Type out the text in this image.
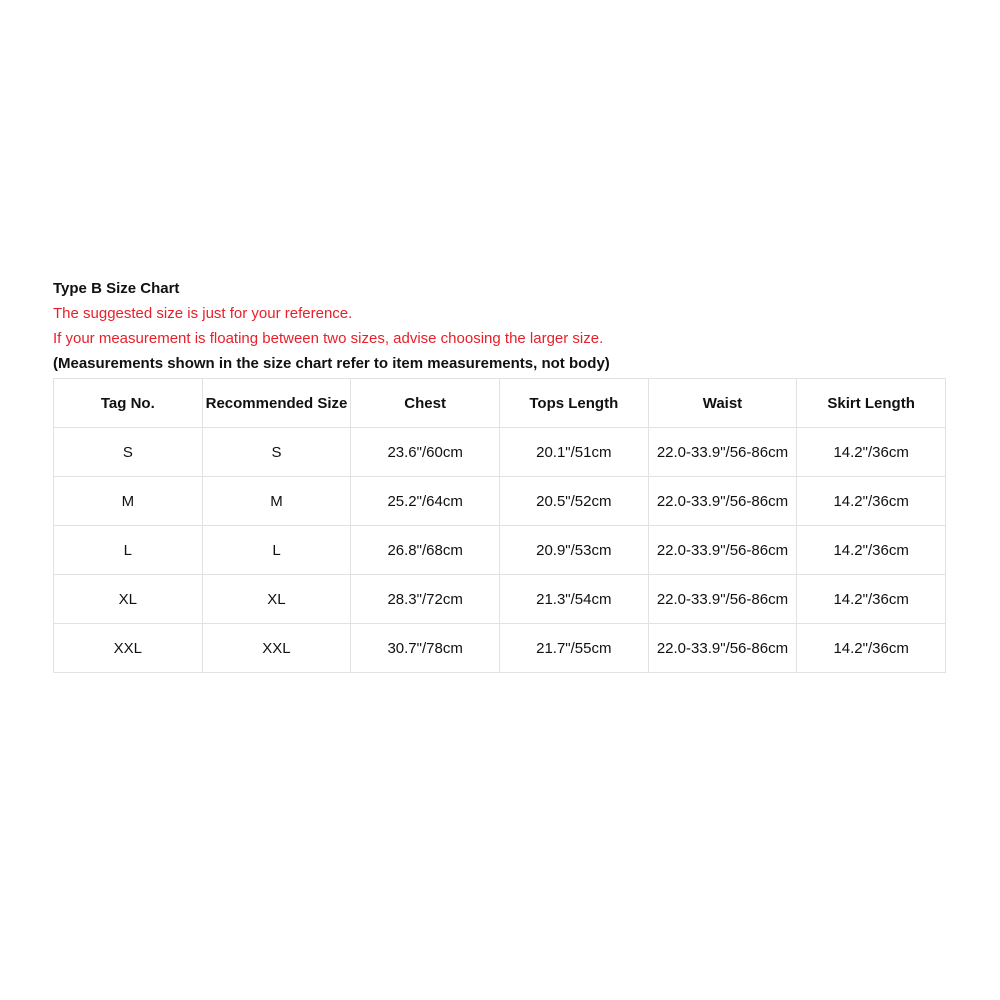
Type B Size Chart
The suggested size is just for your reference.
If your measurement is floating between two sizes, advise choosing the larger size.
(Measurements shown in the size chart refer to item measurements, not body)
Tag No.	Recommended Size	Chest	Tops Length	Waist	Skirt Length
S	S	23.6"/60cm	20.1"/51cm	22.0-33.9"/56-86cm	14.2"/36cm
M	M	25.2"/64cm	20.5"/52cm	22.0-33.9"/56-86cm	14.2"/36cm
L	L	26.8"/68cm	20.9"/53cm	22.0-33.9"/56-86cm	14.2"/36cm
XL	XL	28.3"/72cm	21.3"/54cm	22.0-33.9"/56-86cm	14.2"/36cm
XXL	XXL	30.7"/78cm	21.7"/55cm	22.0-33.9"/56-86cm	14.2"/36cm
